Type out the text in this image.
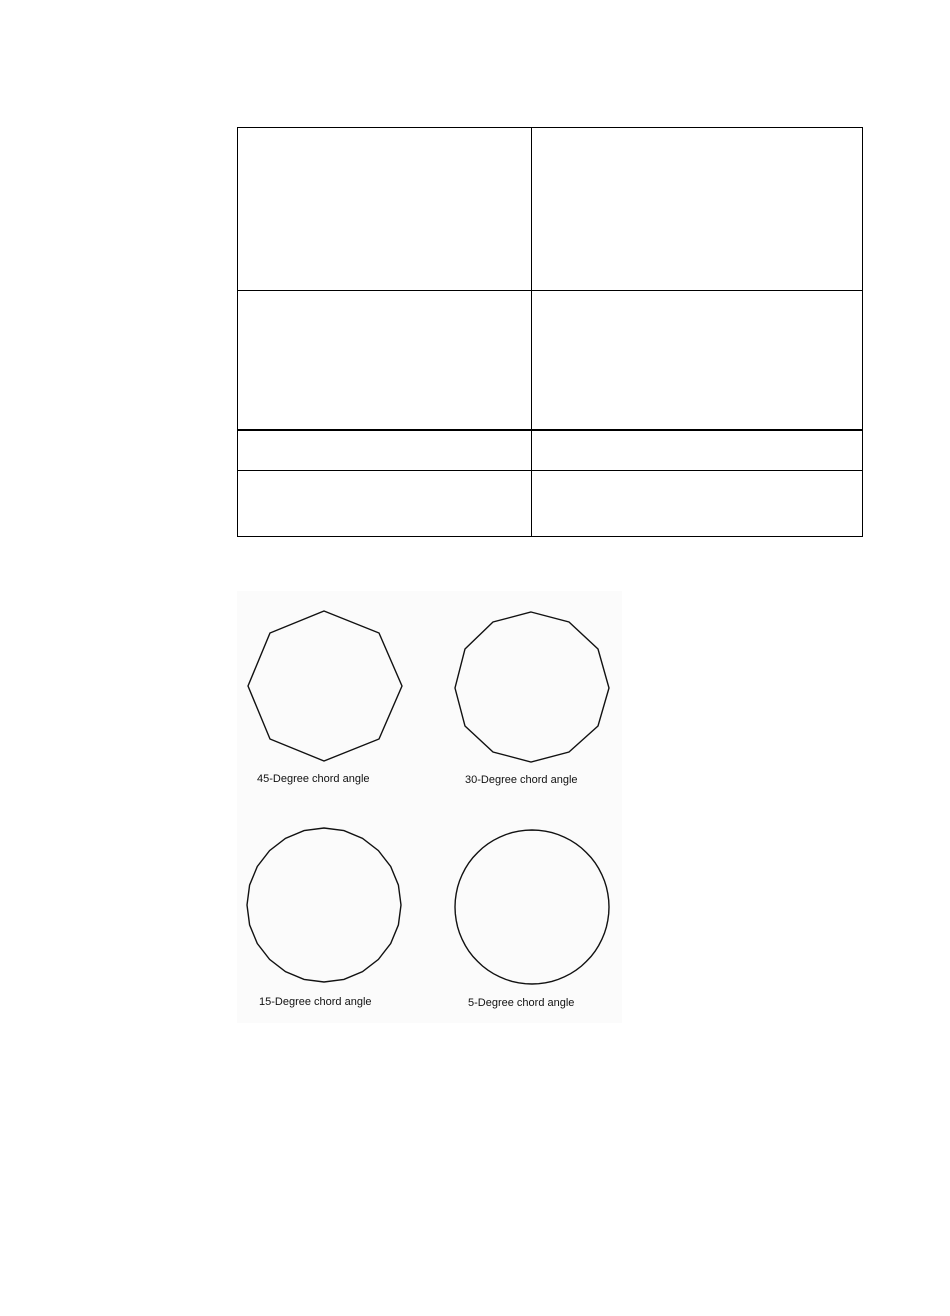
45-Degree chord angle	30-Degree chord angle
15-Degree chord angle	5-Degree chord angle
